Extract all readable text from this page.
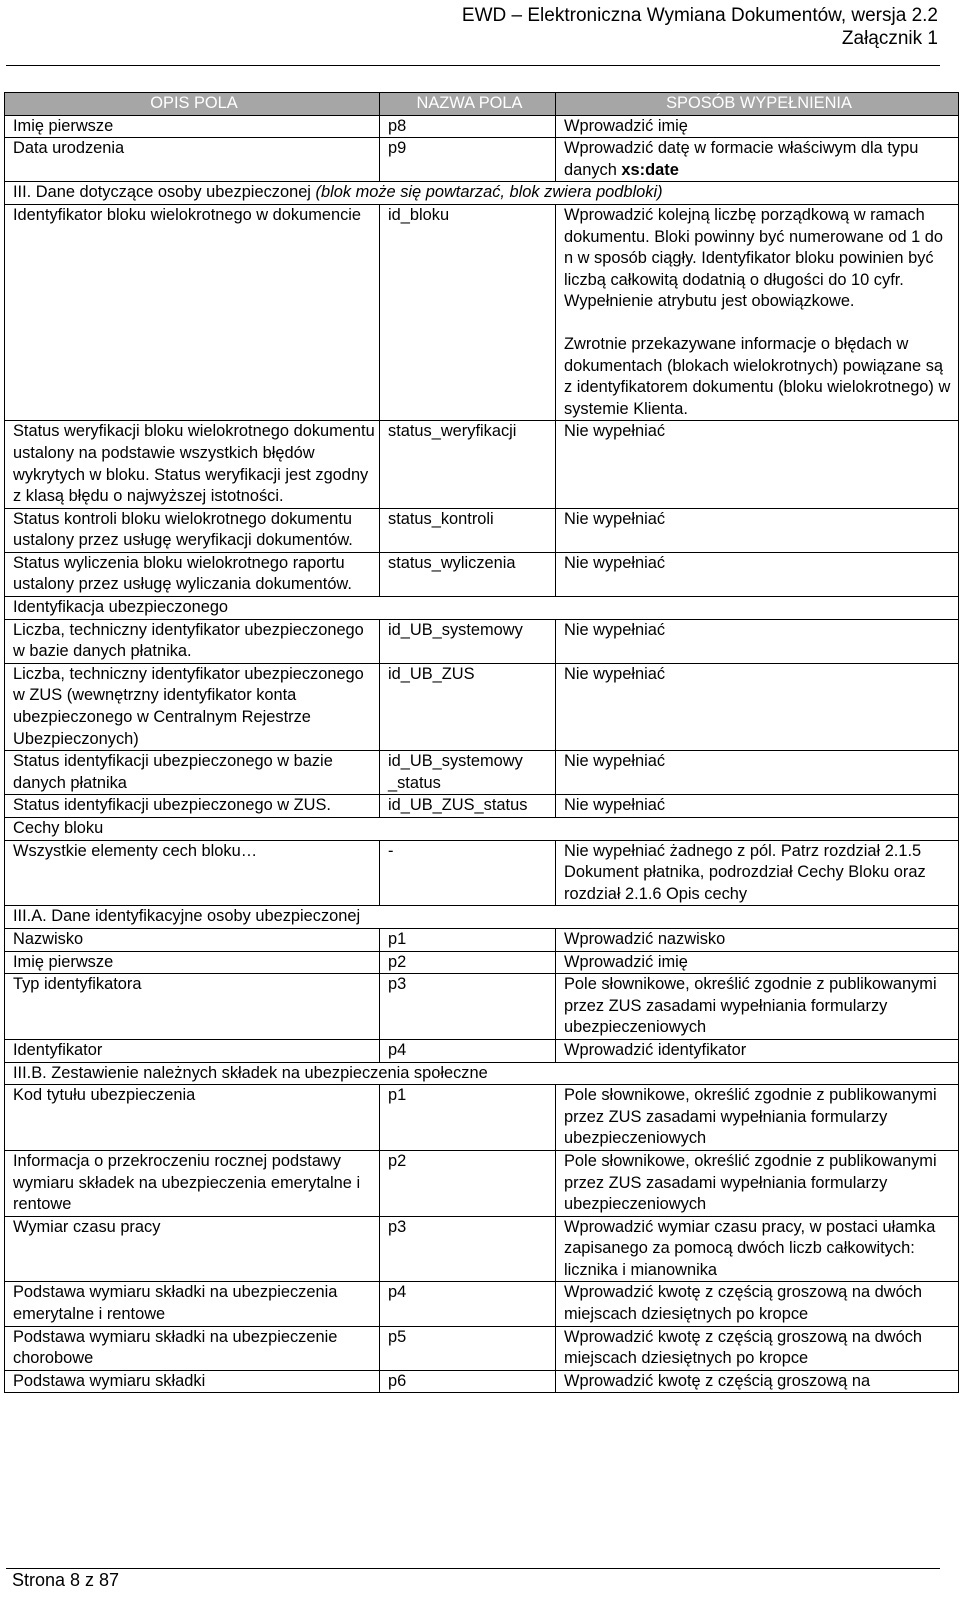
EWD – Elektroniczna Wymiana Dokumentów, wersja 2.2
Załącznik 1
OPIS POLA	NAZWA POLA	SPOSÓB WYPEŁNIENIA
Imię pierwsze	p8	Wprowadzić imię
Data urodzenia	p9	Wprowadzić datę w formacie właściwym dla typu danych xs:date
III. Dane dotyczące osoby ubezpieczonej (blok może się powtarzać, blok zwiera podbloki)		
Identyfikator bloku wielokrotnego w dokumencie	id_bloku	Wprowadzić kolejną liczbę porządkową w ramach dokumentu. Bloki powinny być numerowane od 1 do n w sposób ciągły. Identyfikator bloku powinien być liczbą całkowitą dodatnią o długości do 10 cyfr. Wypełnienie atrybutu jest obowiązkowe.
Zwrotnie przekazywane informacje o błędach w dokumentach (blokach wielokrotnych) powiązane są z identyfikatorem dokumentu (bloku wielokrotnego) w systemie Klienta.

Status weryfikacji bloku wielokrotnego dokumentu ustalony na podstawie wszystkich błędów wykrytych w bloku. Status weryfikacji jest zgodny z klasą błędu o najwyższej istotności.	status_weryfikacji	Nie wypełniać
Status kontroli bloku wielokrotnego dokumentu ustalony przez usługę weryfikacji dokumentów.	status_kontroli	Nie wypełniać
Status wyliczenia bloku wielokrotnego raportu ustalony przez usługę wyliczania dokumentów.	status_wyliczenia	Nie wypełniać
Identyfikacja ubezpieczonego		
Liczba, techniczny identyfikator ubezpieczonego w bazie danych płatnika.	id_UB_systemowy	Nie wypełniać
Liczba, techniczny identyfikator ubezpieczonego w ZUS (wewnętrzny identyfikator konta ubezpieczonego w Centralnym Rejestrze Ubezpieczonych)	id_UB_ZUS	Nie wypełniać
Status identyfikacji ubezpieczonego w bazie danych płatnika	id_UB_systemowy _status	Nie wypełniać
Status identyfikacji ubezpieczonego w ZUS.	id_UB_ZUS_status	Nie wypełniać
Cechy bloku		
Wszystkie elementy cech bloku…	-	Nie wypełniać żadnego z pól. Patrz rozdział 2.1.5 Dokument płatnika, podrozdział Cechy Bloku oraz rozdział 2.1.6 Opis cechy
III.A. Dane identyfikacyjne osoby ubezpieczonej		
Nazwisko	p1	Wprowadzić nazwisko
Imię pierwsze	p2	Wprowadzić imię
Typ identyfikatora	p3	Pole słownikowe, określić zgodnie z publikowanymi przez ZUS zasadami wypełniania formularzy ubezpieczeniowych
Identyfikator	p4	Wprowadzić identyfikator
III.B. Zestawienie należnych składek na ubezpieczenia społeczne		
Kod tytułu ubezpieczenia	p1	Pole słownikowe, określić zgodnie z publikowanymi przez ZUS zasadami wypełniania formularzy ubezpieczeniowych
Informacja o przekroczeniu rocznej podstawy wymiaru składek na ubezpieczenia emerytalne i rentowe	p2	Pole słownikowe, określić zgodnie z publikowanymi przez ZUS zasadami wypełniania formularzy ubezpieczeniowych
Wymiar czasu pracy	p3	Wprowadzić wymiar czasu pracy, w postaci ułamka zapisanego za pomocą dwóch liczb całkowitych: licznika i mianownika
Podstawa wymiaru składki na ubezpieczenia emerytalne i rentowe	p4	Wprowadzić kwotę z częścią groszową na dwóch miejscach dziesiętnych po kropce
Podstawa wymiaru składki na ubezpieczenie chorobowe	p5	Wprowadzić kwotę z częścią groszową na dwóch miejscach dziesiętnych po kropce
Podstawa wymiaru składki	p6	Wprowadzić kwotę z częścią groszową na
Strona 8 z 87
